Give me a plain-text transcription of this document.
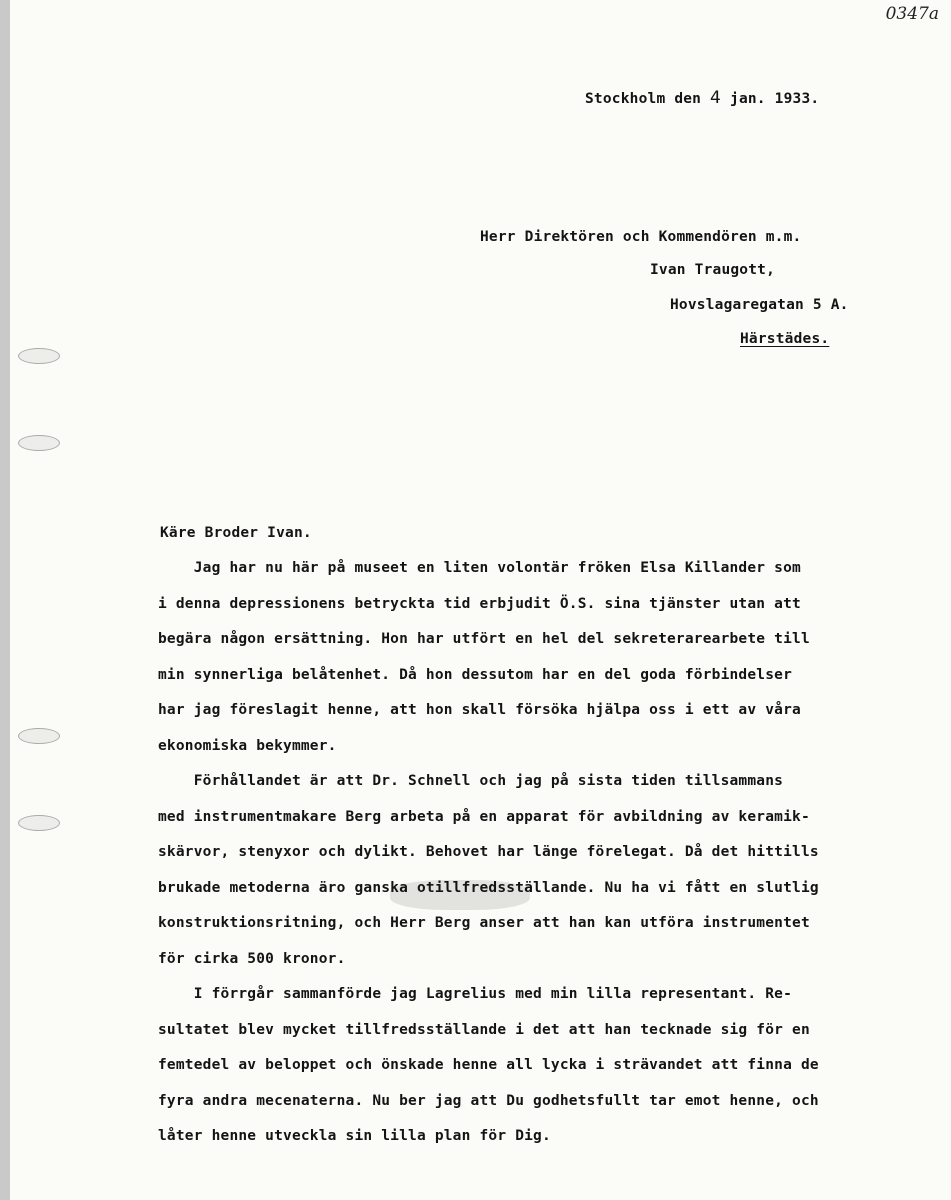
0347a
Stockholm den 4 jan. 1933.
Herr Direktören och Kommendören m.m.
Ivan Traugott,
Hovslagaregatan 5 A.
Härstädes.
Käre Broder Ivan.
Jag har nu här på museet en liten volontär fröken Elsa Killander som
i denna depressionens betryckta tid erbjudit Ö.S. sina tjänster utan att
begära någon ersättning. Hon har utfört en hel del sekreterarearbete till
min synnerliga belåtenhet. Då hon dessutom har en del goda förbindelser
har jag föreslagit henne, att hon skall försöka hjälpa oss i ett av våra
ekonomiska bekymmer.
Förhållandet är att Dr. Schnell och jag på sista tiden tillsammans
med instrumentmakare Berg arbeta på en apparat för avbildning av keramik-
skärvor, stenyxor och dylikt. Behovet har länge förelegat. Då det hittills
brukade metoderna äro ganska otillfredsställande. Nu ha vi fått en slutlig
konstruktionsritning, och Herr Berg anser att han kan utföra instrumentet
för cirka 500 kronor.
I förrgår sammanförde jag Lagrelius med min lilla representant. Re-
sultatet blev mycket tillfredsställande i det att han tecknade sig för en
femtedel av beloppet och önskade henne all lycka i strävandet att finna de
fyra andra mecenaterna. Nu ber jag att Du godhetsfullt tar emot henne, och
låter henne utveckla sin lilla plan för Dig.
